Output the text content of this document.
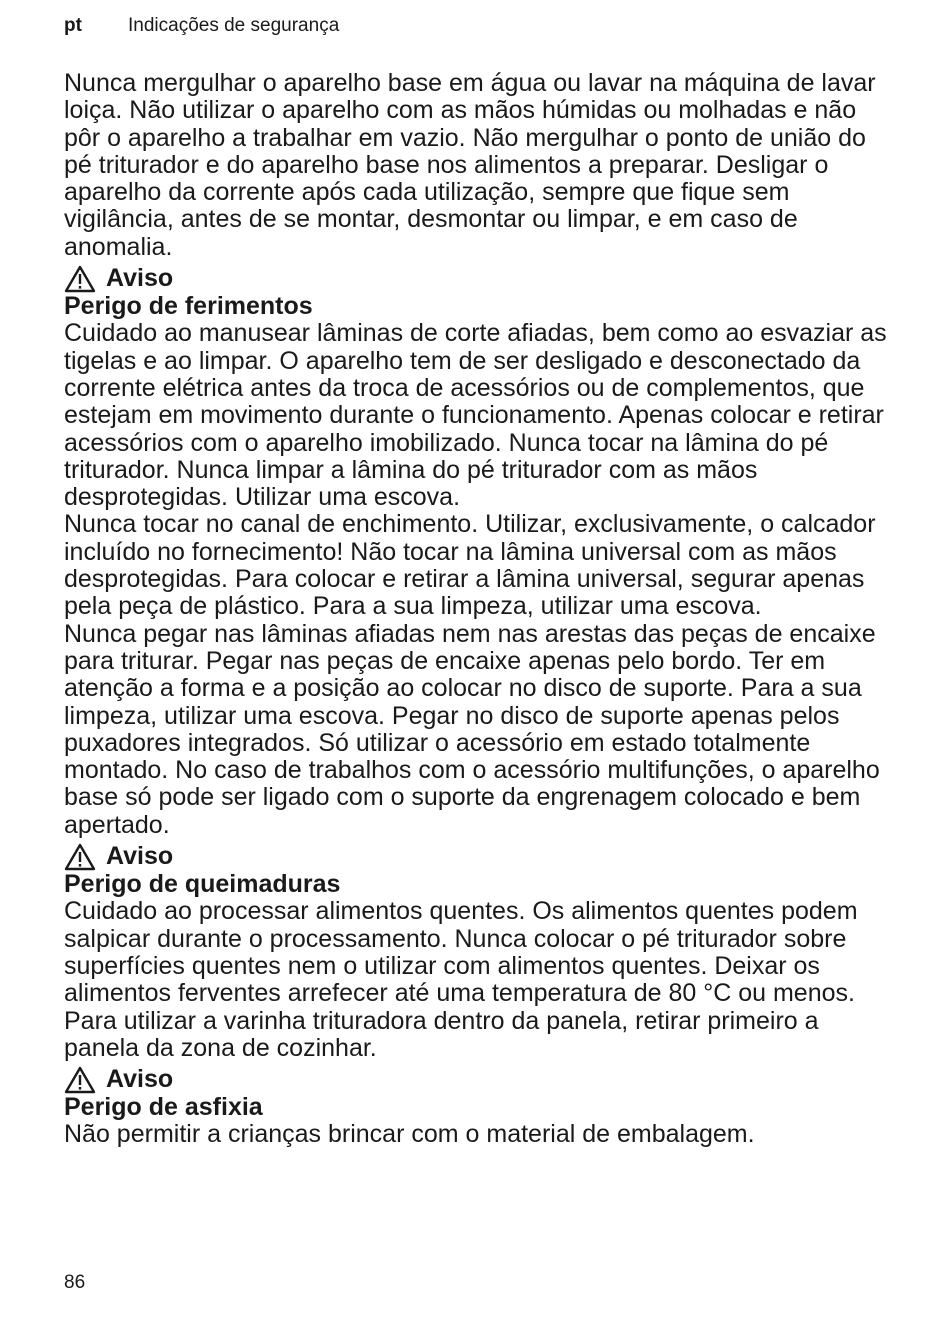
pt Indicações de segurança

Nunca mergulhar o aparelho base em água ou lavar na máquina de lavar loiça. Não utilizar o aparelho com as mãos húmidas ou molhadas e não pôr o aparelho a trabalhar em vazio. Não mergulhar o ponto de união do pé triturador e do aparelho base nos alimentos a preparar. Desligar o aparelho da corrente após cada utilização, sempre que fique sem vigilância, antes de se montar, desmontar ou limpar, e em caso de anomalia.

Aviso
Perigo de ferimentos

Cuidado ao manusear lâminas de corte afiadas, bem como ao esvaziar as tigelas e ao limpar. O aparelho tem de ser desligado e desconectado da corrente elétrica antes da troca de acessórios ou de complementos, que estejam em movimento durante o funcionamento. Apenas colocar e retirar acessórios com o aparelho imobilizado. Nunca tocar na lâmina do pé triturador. Nunca limpar a lâmina do pé triturador com as mãos desprotegidas. Utilizar uma escova.

Nunca tocar no canal de enchimento. Utilizar, exclusivamente, o calcador incluído no fornecimento! Não tocar na lâmina universal com as mãos desprotegidas. Para colocar e retirar a lâmina universal, segurar apenas pela peça de plástico. Para a sua limpeza, utilizar uma escova.

Nunca pegar nas lâminas afiadas nem nas arestas das peças de encaixe para triturar. Pegar nas peças de encaixe apenas pelo bordo. Ter em atenção a forma e a posição ao colocar no disco de suporte. Para a sua limpeza, utilizar uma escova. Pegar no disco de suporte apenas pelos puxadores integrados. Só utilizar o acessório em estado totalmente montado. No caso de trabalhos com o acessório multifunções, o aparelho base só pode ser ligado com o suporte da engrenagem colocado e bem apertado.

Aviso
Perigo de queimaduras

Cuidado ao processar alimentos quentes. Os alimentos quentes podem salpicar durante o processamento. Nunca colocar o pé triturador sobre superfícies quentes nem o utilizar com alimentos quentes. Deixar os alimentos ferventes arrefecer até uma temperatura de 80 °C ou menos. Para utilizar a varinha trituradora dentro da panela, retirar primeiro a panela da zona de cozinhar.

Aviso
Perigo de asfixia

Não permitir a crianças brincar com o material de embalagem.

86
